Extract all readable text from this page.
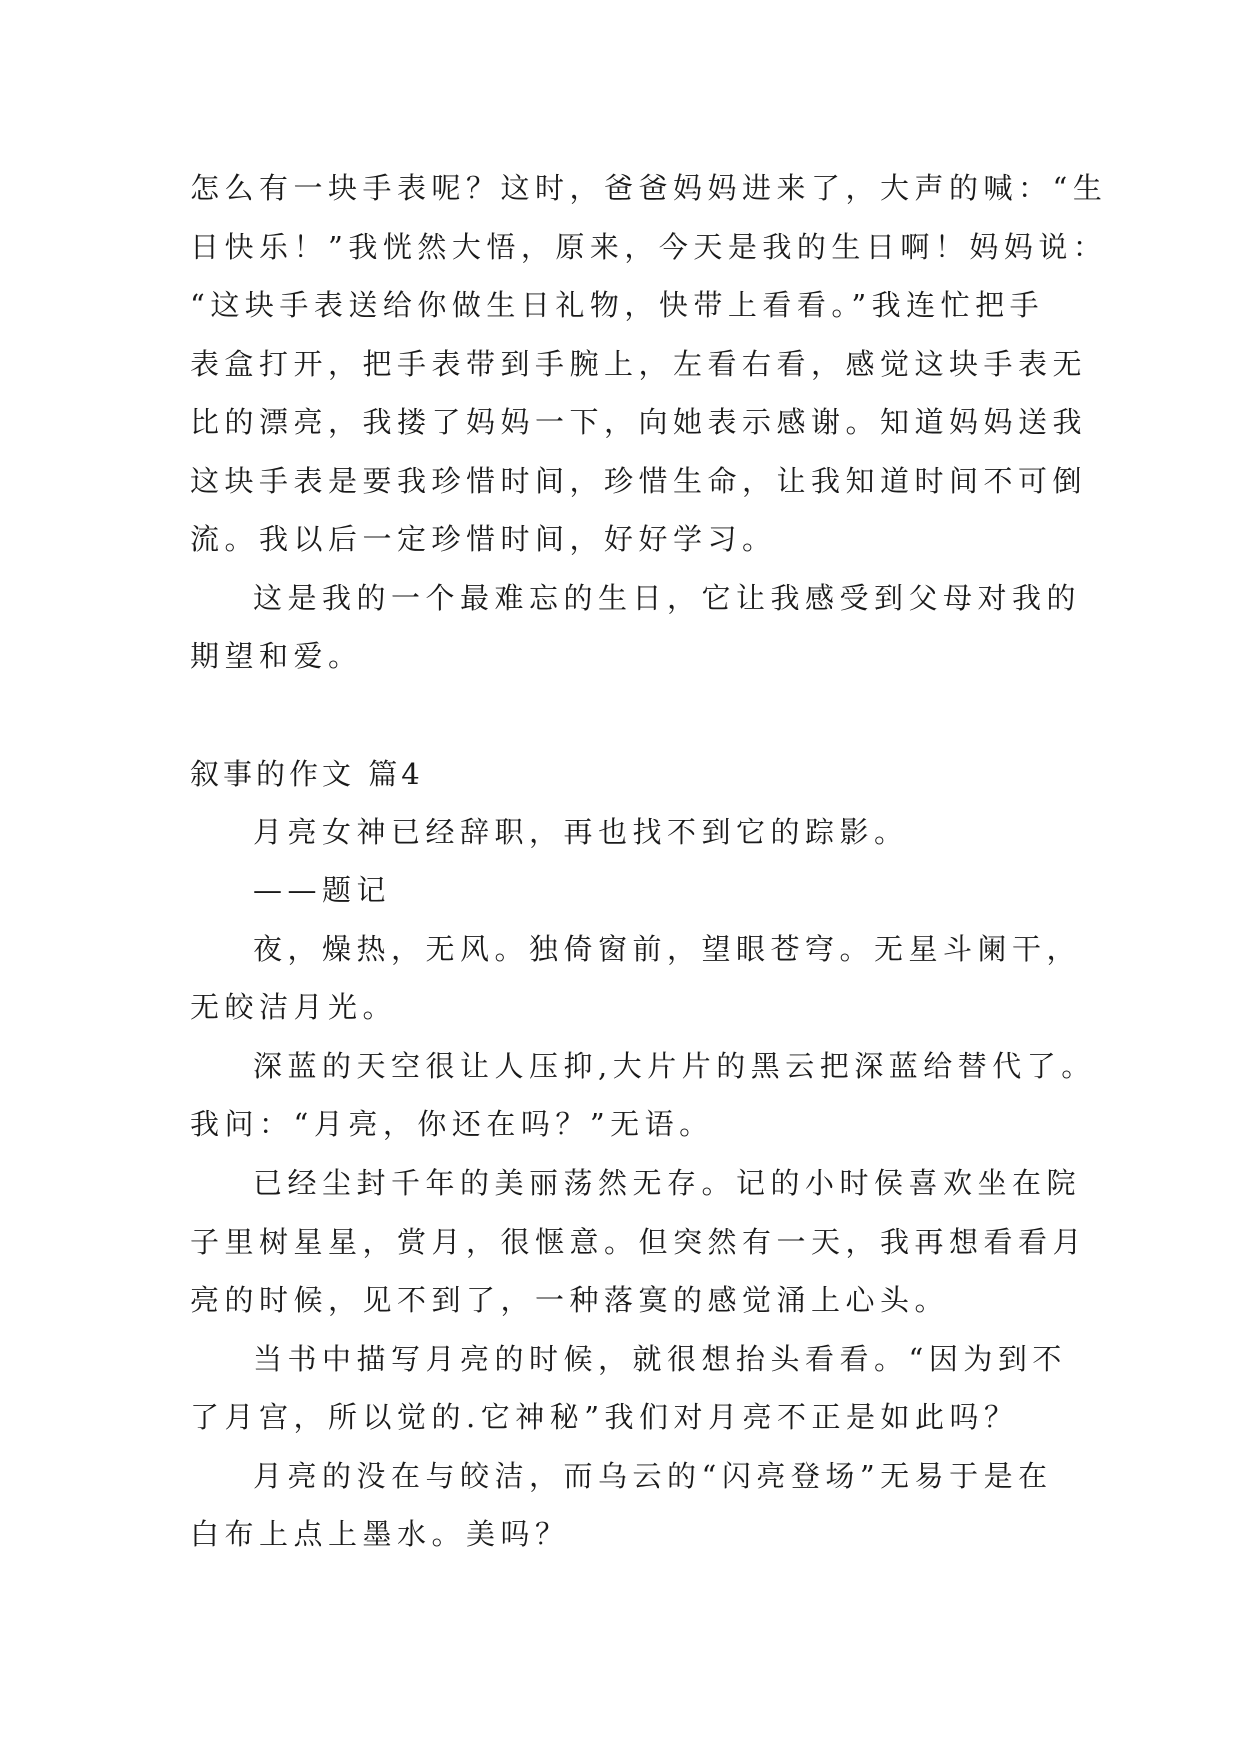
怎么有一块手表呢？这时，爸爸妈妈进来了，大声的喊：“生
日快乐！”我恍然大悟，原来，今天是我的生日啊！妈妈说：
“这块手表送给你做生日礼物，快带上看看。”我连忙把手
表盒打开，把手表带到手腕上，左看右看，感觉这块手表无
比的漂亮，我搂了妈妈一下，向她表示感谢。知道妈妈送我
这块手表是要我珍惜时间，珍惜生命，让我知道时间不可倒
流。我以后一定珍惜时间，好好学习。
这是我的一个最难忘的生日，它让我感受到父母对我的
期望和爱。
叙事的作文 篇4
月亮女神已经辞职，再也找不到它的踪影。
——题记
夜，燥热，无风。独倚窗前，望眼苍穹。无星斗阑干，
无皎洁月光。
深蓝的天空很让人压抑,大片片的黑云把深蓝给替代了。
我问：“月亮，你还在吗？”无语。
已经尘封千年的美丽荡然无存。记的小时侯喜欢坐在院
子里树星星，赏月，很惬意。但突然有一天，我再想看看月
亮的时候，见不到了，一种落寞的感觉涌上心头。
当书中描写月亮的时候，就很想抬头看看。“因为到不
了月宫，所以觉的.它神秘”我们对月亮不正是如此吗？
月亮的没在与皎洁，而乌云的“闪亮登场”无易于是在
白布上点上墨水。美吗？
